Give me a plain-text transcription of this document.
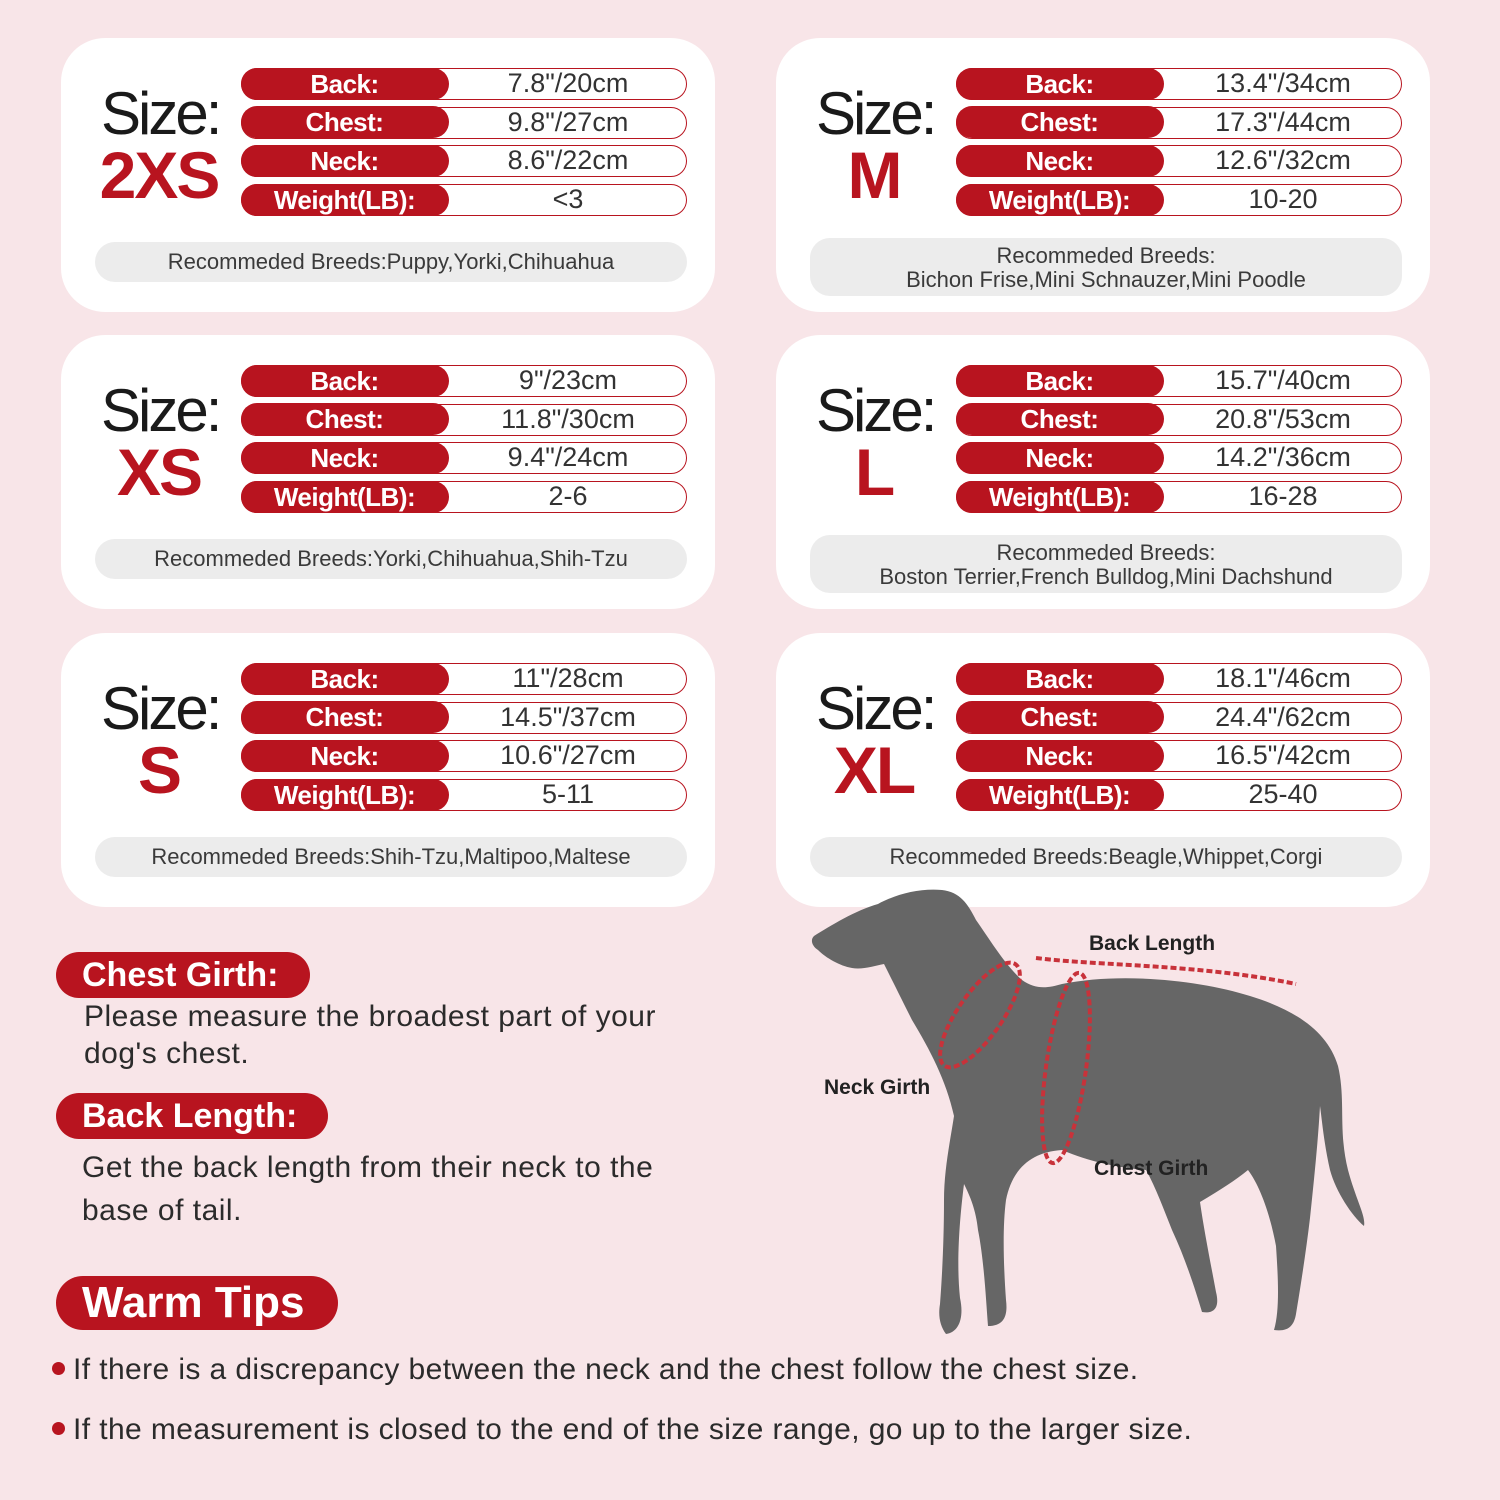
Size:
2XS
Back:	7.8"/20cm
Chest:	9.8"/27cm
Neck:	8.6"/22cm
Weight(LB):	<3
Recommeded Breeds:Puppy,Yorki,Chihuahua
Size:
M
Back:	13.4"/34cm
Chest:	17.3"/44cm
Neck:	12.6"/32cm
Weight(LB):	10-20
Recommeded Breeds:
Bichon Frise,Mini Schnauzer,Mini Poodle
Size:
XS
Back:	9"/23cm
Chest:	11.8"/30cm
Neck:	9.4"/24cm
Weight(LB):	2-6
Recommeded Breeds:Yorki,Chihuahua,Shih-Tzu
Size:
L
Back:	15.7"/40cm
Chest:	20.8"/53cm
Neck:	14.2"/36cm
Weight(LB):	16-28
Recommeded Breeds:
Boston Terrier,French Bulldog,Mini Dachshund
Size:
S
Back:	11"/28cm
Chest:	14.5"/37cm
Neck:	10.6"/27cm
Weight(LB):	5-11
Recommeded Breeds:Shih-Tzu,Maltipoo,Maltese
Size:
XL
Back:	18.1"/46cm
Chest:	24.4"/62cm
Neck:	16.5"/42cm
Weight(LB):	25-40
Recommeded Breeds:Beagle,Whippet,Corgi
Chest Girth:
Please measure the broadest part of your
dog's chest.
Back Length:
Get the back length from their neck to the
base of tail.
Back Length
Neck Girth
Chest Girth
Warm Tips
If there is a discrepancy between the neck and the chest follow the chest size.
If the measurement is closed to the end of the size range, go up to the larger size.
